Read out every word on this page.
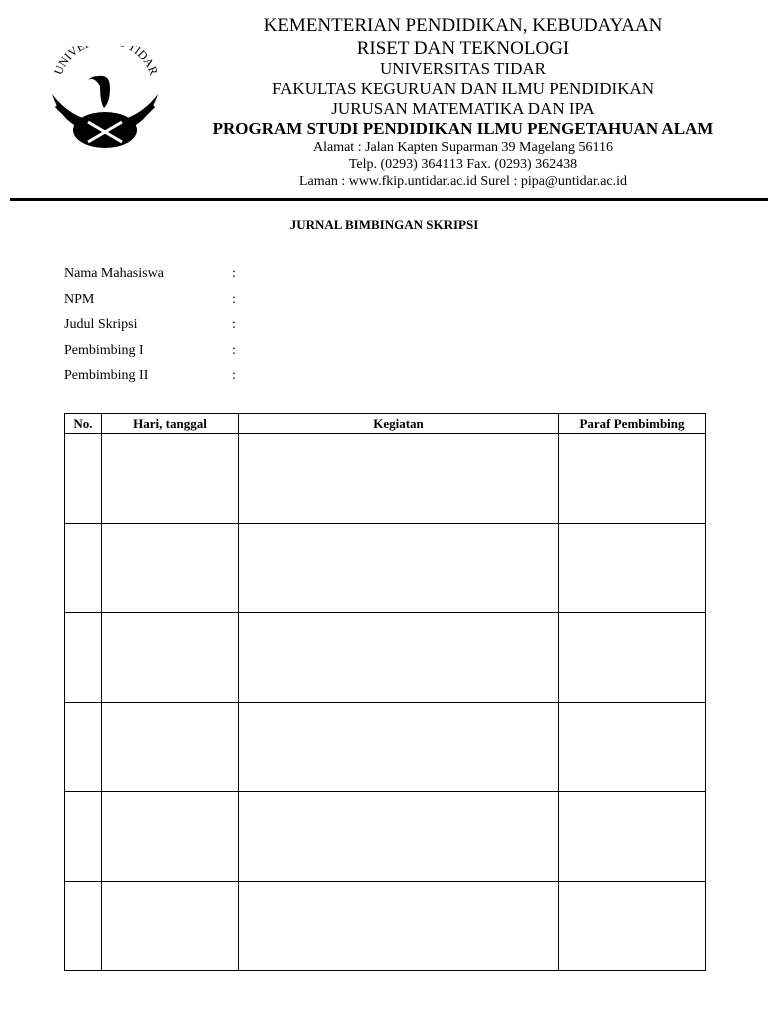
UNIVE TIDAR
KEMENTERIAN PENDIDIKAN, KEBUDAYAAN
RISET DAN TEKNOLOGI
UNIVERSITAS TIDAR
FAKULTAS KEGURUAN DAN ILMU PENDIDIKAN
JURUSAN MATEMATIKA DAN IPA
PROGRAM STUDI PENDIDIKAN ILMU PENGETAHUAN ALAM
Alamat : Jalan Kapten Suparman 39 Magelang 56116
Telp. (0293) 364113 Fax. (0293) 362438
Laman : www.fkip.untidar.ac.id Surel : pipa@untidar.ac.id
JURNAL BIMBINGAN SKRIPSI
Nama Mahasiswa	:
NPM	:
Judul Skripsi	:
Pembimbing I	:
Pembimbing II	:
No.	Hari, tanggal	Kegiatan	Paraf Pembimbing
